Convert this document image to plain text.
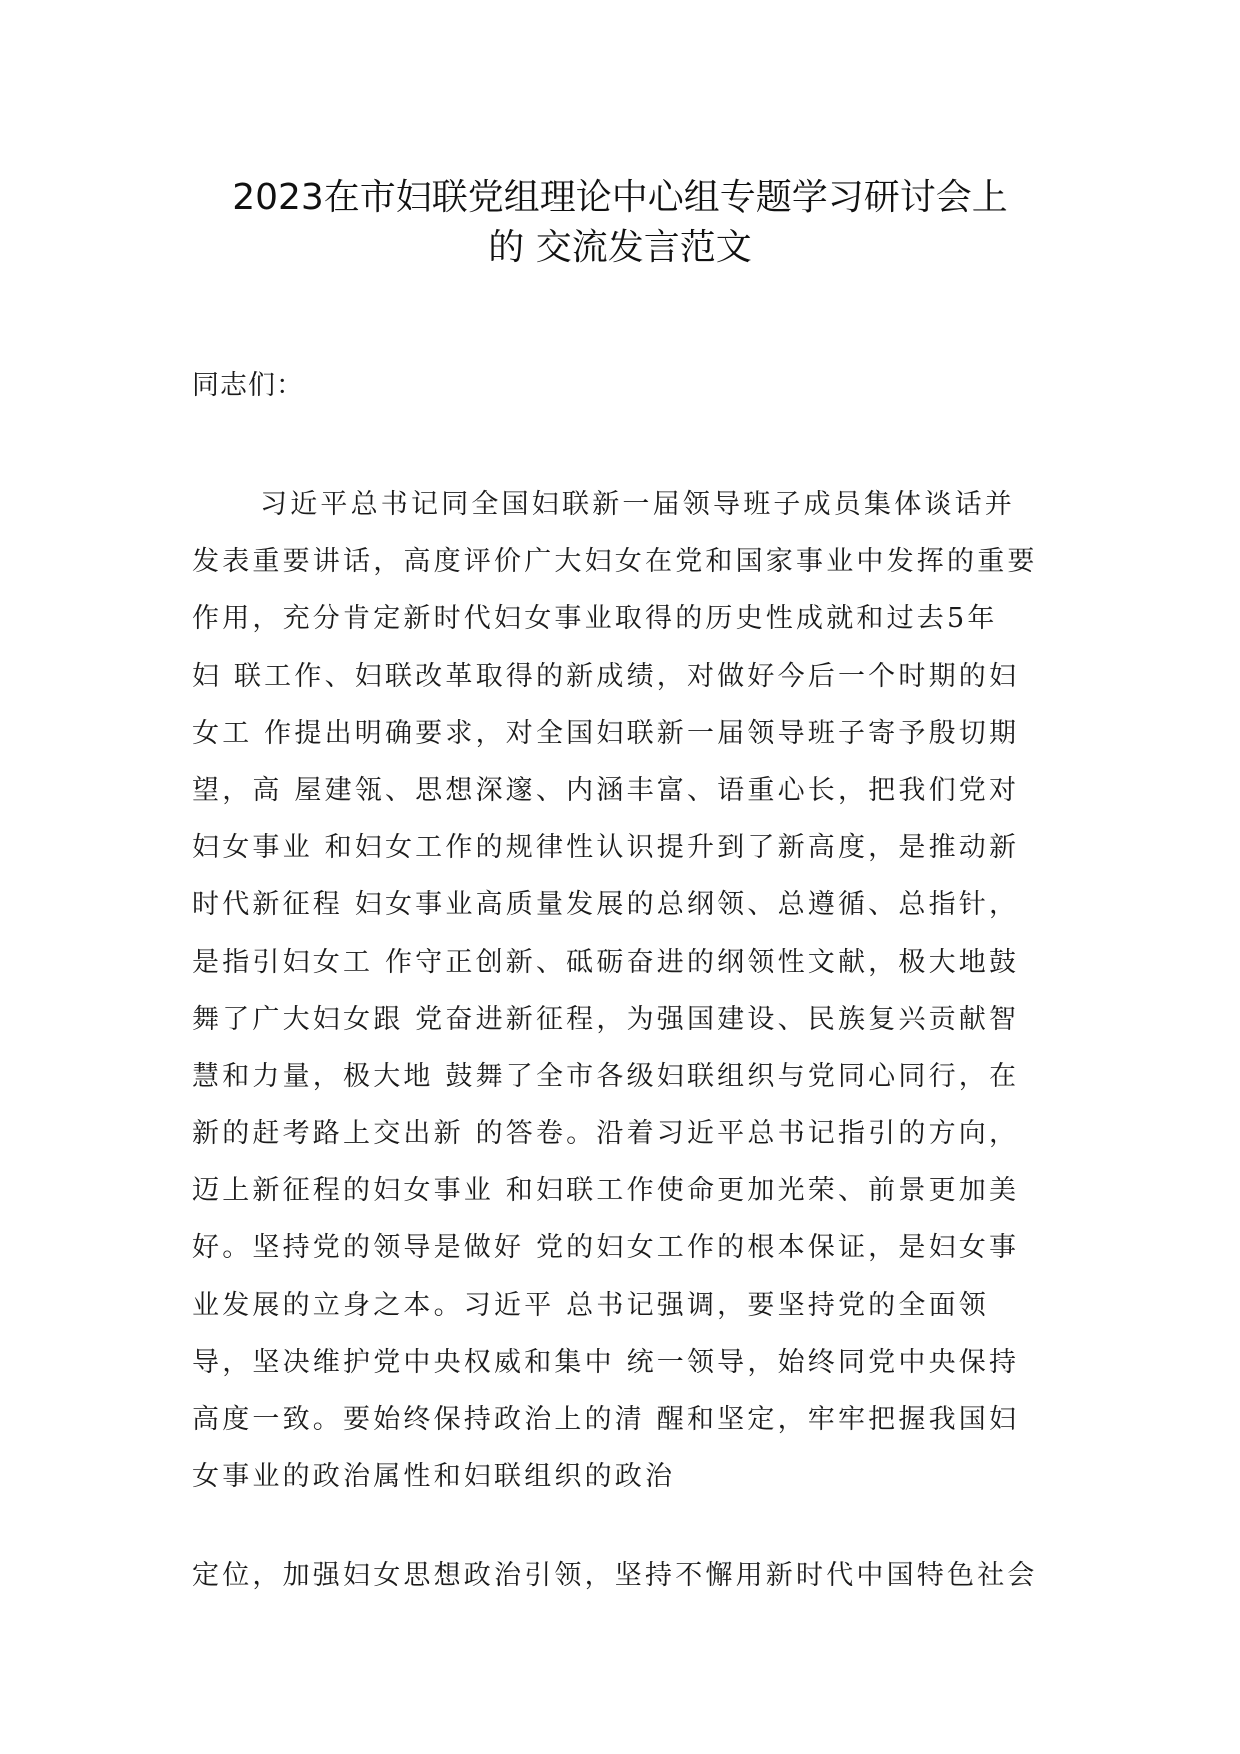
2023在市妇联党组理论中心组专题学习研讨会上
的 交流发言范文
同志们：
习近平总书记同全国妇联新一届领导班子成员集体谈话并
发表重要讲话，高度评价广大妇女在党和国家事业中发挥的重要
作用，充分肯定新时代妇女事业取得的历史性成就和过去5年
妇 联工作、妇联改革取得的新成绩，对做好今后一个时期的妇
女工 作提出明确要求，对全国妇联新一届领导班子寄予殷切期
望，高 屋建瓴、思想深邃、内涵丰富、语重心长，把我们党对
妇女事业 和妇女工作的规律性认识提升到了新高度，是推动新
时代新征程 妇女事业高质量发展的总纲领、总遵循、总指针，
是指引妇女工 作守正创新、砥砺奋进的纲领性文献，极大地鼓
舞了广大妇女跟 党奋进新征程，为强国建设、民族复兴贡献智
慧和力量，极大地 鼓舞了全市各级妇联组织与党同心同行，在
新的赶考路上交出新 的答卷。沿着习近平总书记指引的方向，
迈上新征程的妇女事业 和妇联工作使命更加光荣、前景更加美
好。坚持党的领导是做好 党的妇女工作的根本保证，是妇女事
业发展的立身之本。习近平 总书记强调，要坚持党的全面领
导，坚决维护党中央权威和集中 统一领导，始终同党中央保持
高度一致。要始终保持政治上的清 醒和坚定，牢牢把握我国妇
女事业的政治属性和妇联组织的政治
定位，加强妇女思想政治引领，坚持不懈用新时代中国特色社会
